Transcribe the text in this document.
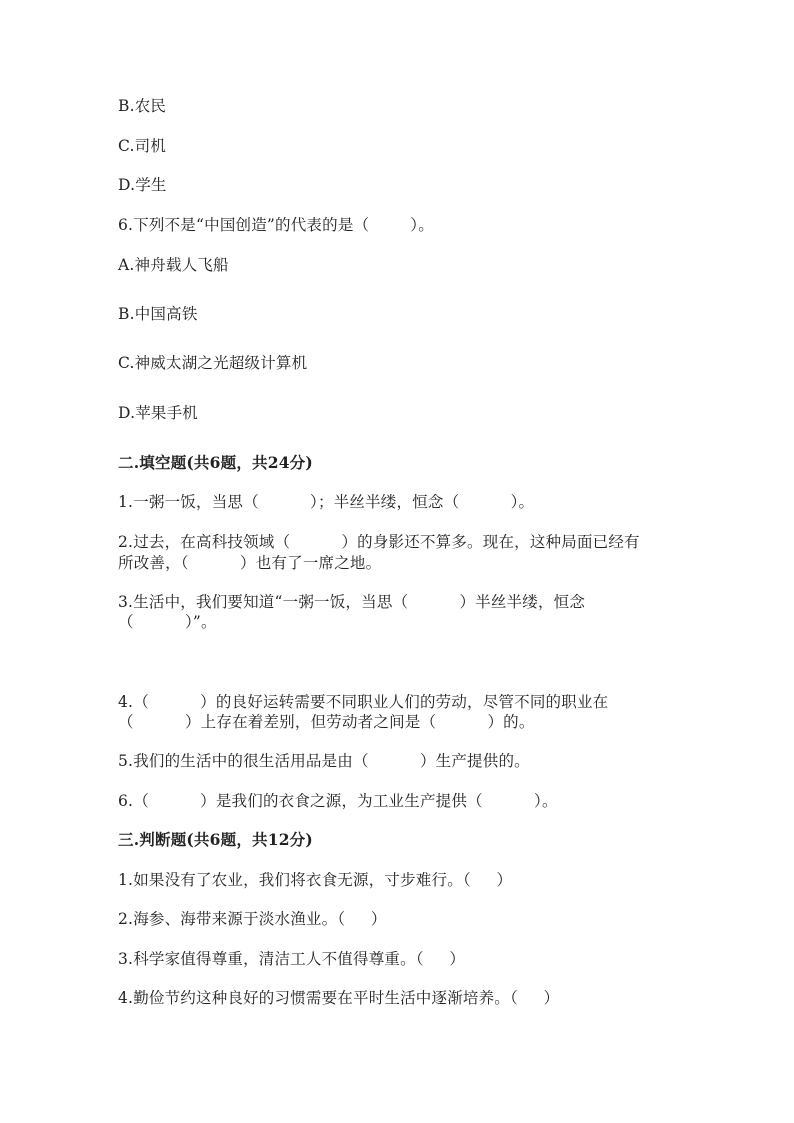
B.农民
C.司机
D.学生
6.下列不是“中国创造”的代表的是（        ）。
A.神舟载人飞船
B.中国高铁
C.神威太湖之光超级计算机
D.苹果手机
二.填空题(共6题，共24分)
1.一粥一饭，当思（          ）；半丝半缕，恒念（          ）。
2.过去，在高科技领域（          ）的身影还不算多。现在，这种局面已经有
所改善，（          ）也有了一席之地。
3.生活中，我们要知道“一粥一饭，当思（          ）半丝半缕，恒念
（          ）”。
4.（          ）的良好运转需要不同职业人们的劳动，尽管不同的职业在
（          ）上存在着差别，但劳动者之间是（          ）的。
5.我们的生活中的很生活用品是由（          ）生产提供的。
6.（          ）是我们的衣食之源，为工业生产提供（          ）。
三.判断题(共6题，共12分)
1.如果没有了农业，我们将衣食无源，寸步难行。（     ）
2.海参、海带来源于淡水渔业。（     ）
3.科学家值得尊重，清洁工人不值得尊重。（     ）
4.勤俭节约这种良好的习惯需要在平时生活中逐渐培养。（     ）
